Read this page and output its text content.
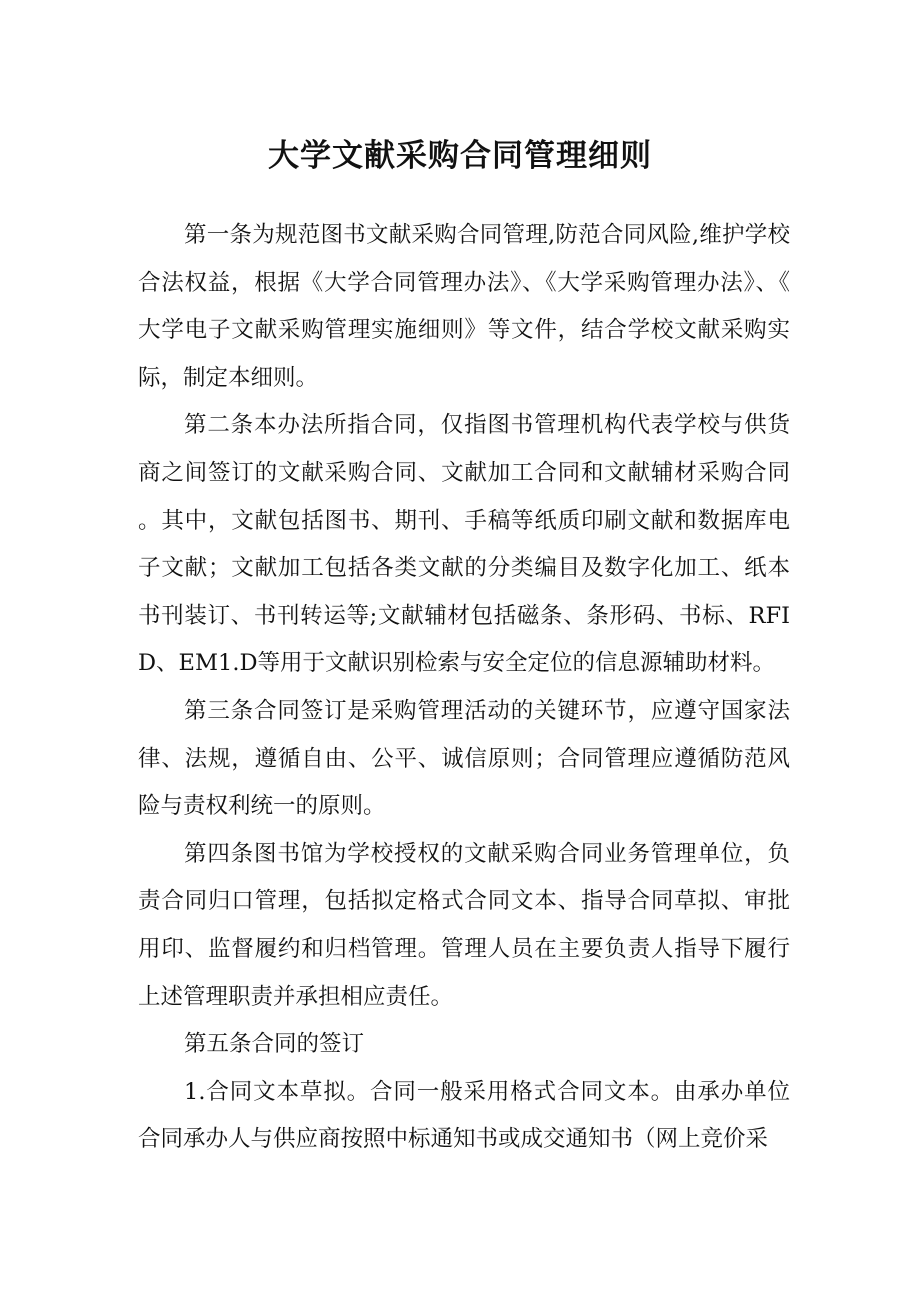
大学文献采购合同管理细则

第一条为规范图书文献采购合同管理,防范合同风险,维护学校合法权益，根据《大学合同管理办法》、《大学采购管理办法》、《大学电子文献采购管理实施细则》等文件，结合学校文献采购实际，制定本细则。

第二条本办法所指合同，仅指图书管理机构代表学校与供货商之间签订的文献采购合同、文献加工合同和文献辅材采购合同。其中，文献包括图书、期刊、手稿等纸质印刷文献和数据库电子文献；文献加工包括各类文献的分类编目及数字化加工、纸本书刊装订、书刊转运等;文献辅材包括磁条、条形码、书标、RFID、EM1.D等用于文献识别检索与安全定位的信息源辅助材料。

第三条合同签订是采购管理活动的关键环节，应遵守国家法律、法规，遵循自由、公平、诚信原则；合同管理应遵循防范风险与责权利统一的原则。

第四条图书馆为学校授权的文献采购合同业务管理单位，负责合同归口管理，包括拟定格式合同文本、指导合同草拟、审批用印、监督履约和归档管理。管理人员在主要负责人指导下履行上述管理职责并承担相应责任。

第五条合同的签订

1.合同文本草拟。合同一般采用格式合同文本。由承办单位合同承办人与供应商按照中标通知书或成交通知书（网上竞价采
